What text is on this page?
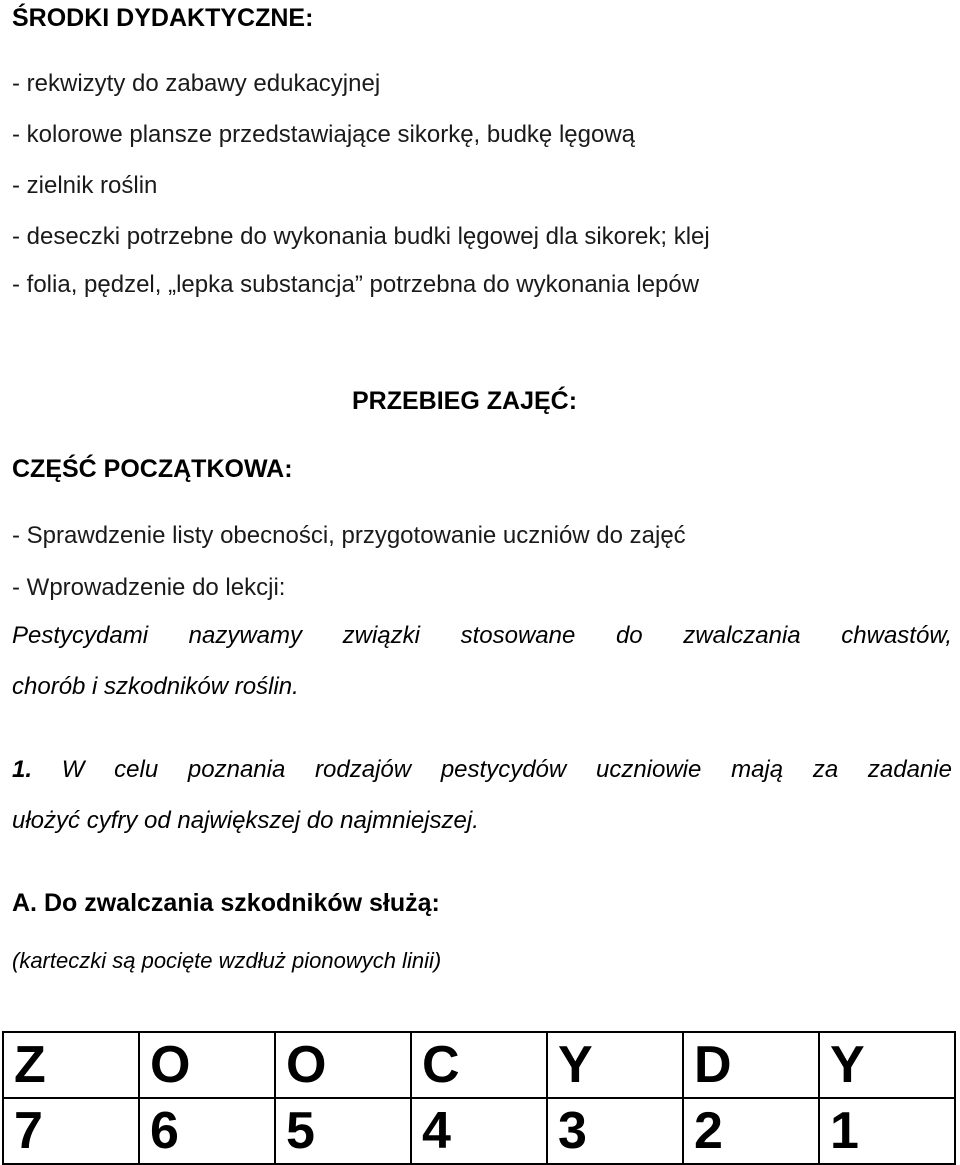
ŚRODKI DYDAKTYCZNE:
- rekwizyty do zabawy edukacyjnej
- kolorowe plansze przedstawiające sikorkę, budkę lęgową
- zielnik roślin
- deseczki potrzebne do wykonania budki lęgowej dla sikorek; klej
- folia, pędzel, „lepka substancja” potrzebna do wykonania lepów
PRZEBIEG ZAJĘĆ:
CZĘŚĆ POCZĄTKOWA:
- Sprawdzenie listy obecności, przygotowanie uczniów do zajęć
- Wprowadzenie do lekcji:
Pestycydami nazywamy związki stosowane do zwalczania chwastów,
chorób i szkodników roślin.
1. W celu poznania rodzajów pestycydów uczniowie mają za zadanie
ułożyć cyfry od największej do najmniejszej.
A. Do zwalczania szkodników służą:
(karteczki są pocięte wzdłuż pionowych linii)
Z	O	O	C	Y	D	Y
7	6	5	4	3	2	1
